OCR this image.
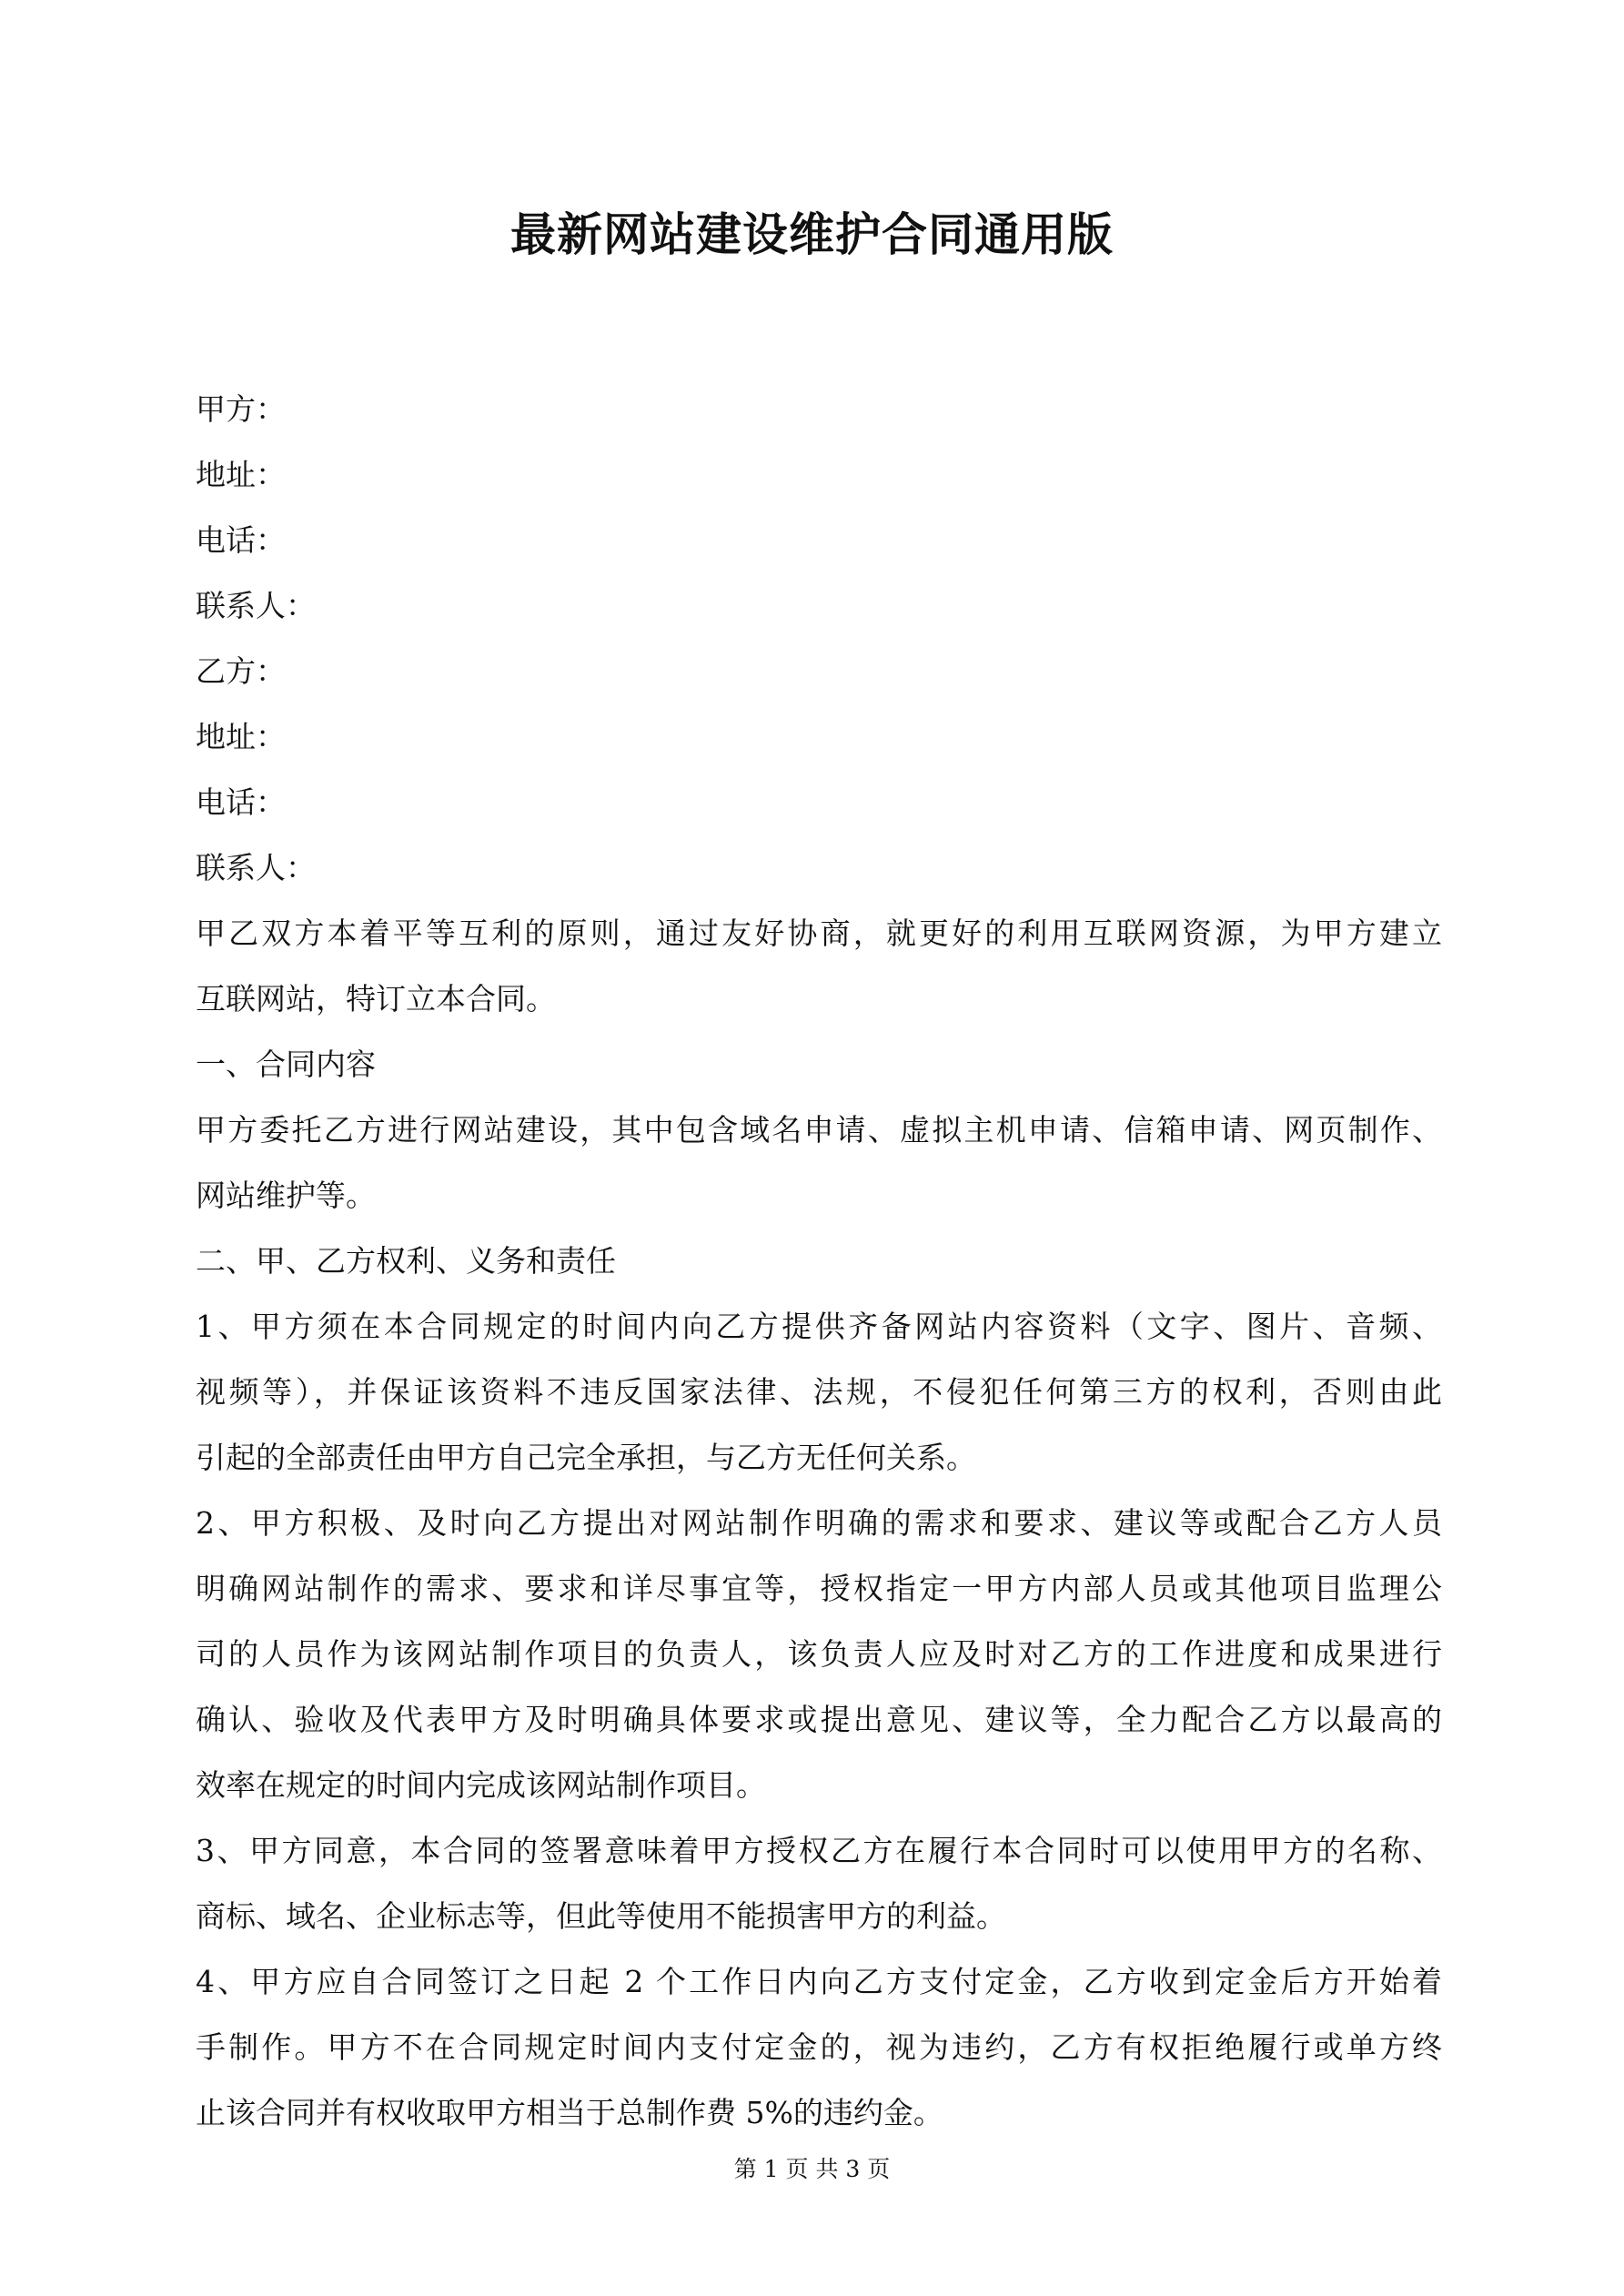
最新网站建设维护合同通用版
甲方：
地址：
电话：
联系人：
乙方：
地址：
电话：
联系人：
甲乙双方本着平等互利的原则，通过友好协商，就更好的利用互联网资源，为甲方建立
互联网站，特订立本合同。
一、合同内容
甲方委托乙方进行网站建设，其中包含域名申请、虚拟主机申请、信箱申请、网页制作、
网站维护等。
二、甲、乙方权利、义务和责任
1、甲方须在本合同规定的时间内向乙方提供齐备网站内容资料（文字、图片、音频、
视频等），并保证该资料不违反国家法律、法规，不侵犯任何第三方的权利，否则由此
引起的全部责任由甲方自己完全承担，与乙方无任何关系。
2、甲方积极、及时向乙方提出对网站制作明确的需求和要求、建议等或配合乙方人员
明确网站制作的需求、要求和详尽事宜等，授权指定一甲方内部人员或其他项目监理公
司的人员作为该网站制作项目的负责人，该负责人应及时对乙方的工作进度和成果进行
确认、验收及代表甲方及时明确具体要求或提出意见、建议等，全力配合乙方以最高的
效率在规定的时间内完成该网站制作项目。
3、甲方同意，本合同的签署意味着甲方授权乙方在履行本合同时可以使用甲方的名称、
商标、域名、企业标志等，但此等使用不能损害甲方的利益。
4、甲方应自合同签订之日起 2 个工作日内向乙方支付定金，乙方收到定金后方开始着
手制作。甲方不在合同规定时间内支付定金的，视为违约，乙方有权拒绝履行或单方终
止该合同并有权收取甲方相当于总制作费 5%的违约金。
第 1 页 共 3 页
